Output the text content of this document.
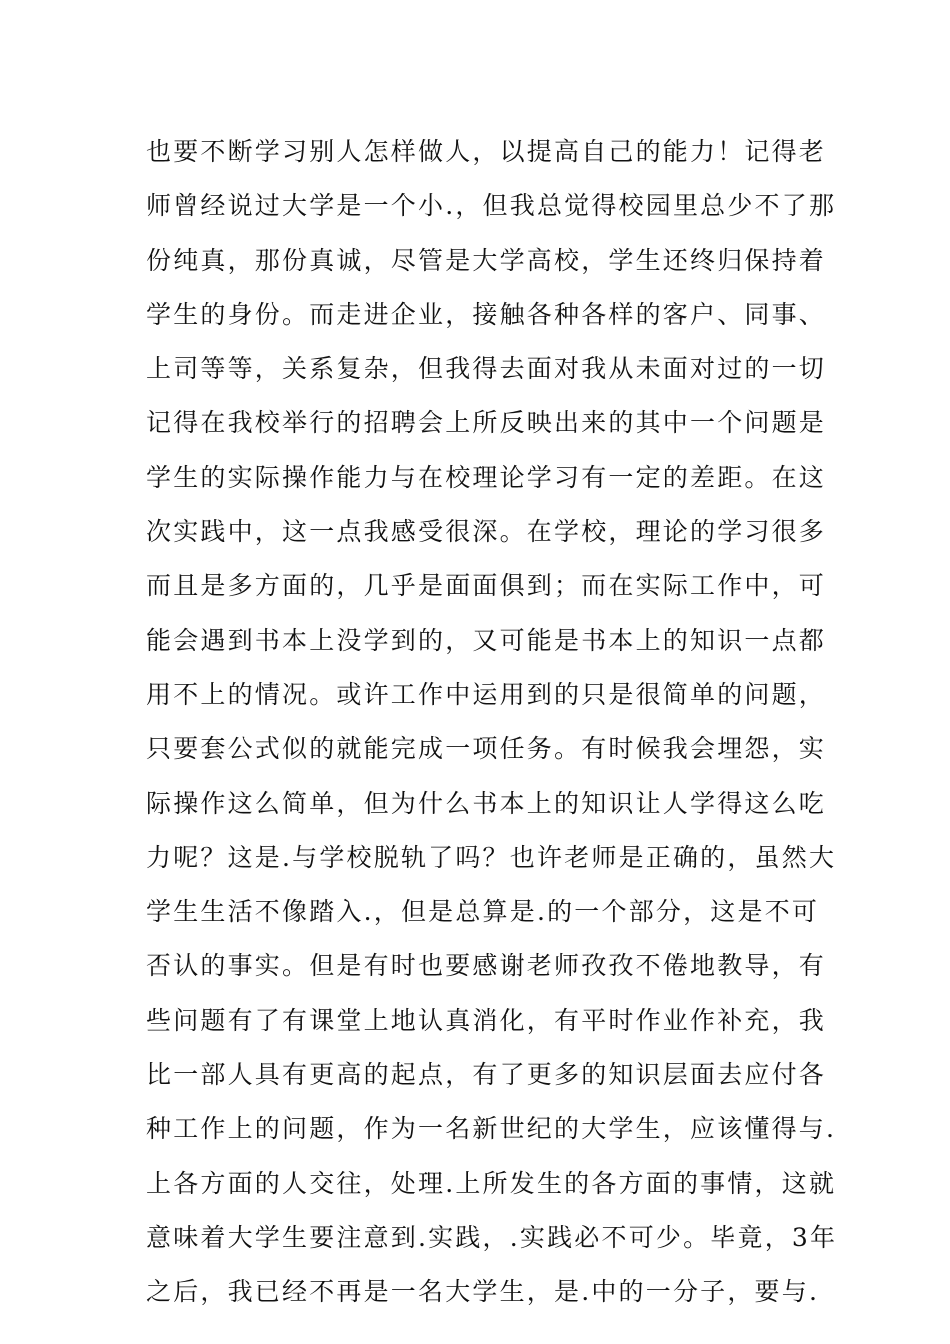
也要不断学习别人怎样做人，以提高自己的能力！记得老
师曾经说过大学是一个小.，但我总觉得校园里总少不了那
份纯真，那份真诚，尽管是大学高校，学生还终归保持着
学生的身份。而走进企业，接触各种各样的客户、同事、
上司等等，关系复杂，但我得去面对我从未面对过的一切
记得在我校举行的招聘会上所反映出来的其中一个问题是
学生的实际操作能力与在校理论学习有一定的差距。在这
次实践中，这一点我感受很深。在学校，理论的学习很多
而且是多方面的，几乎是面面俱到；而在实际工作中，可
能会遇到书本上没学到的，又可能是书本上的知识一点都
用不上的情况。或许工作中运用到的只是很简单的问题，
只要套公式似的就能完成一项任务。有时候我会埋怨，实
际操作这么简单，但为什么书本上的知识让人学得这么吃
力呢？这是.与学校脱轨了吗？也许老师是正确的，虽然大
学生生活不像踏入.，但是总算是.的一个部分，这是不可
否认的事实。但是有时也要感谢老师孜孜不倦地教导，有
些问题有了有课堂上地认真消化，有平时作业作补充，我
比一部人具有更高的起点，有了更多的知识层面去应付各
种工作上的问题，作为一名新世纪的大学生，应该懂得与.
上各方面的人交往，处理.上所发生的各方面的事情，这就
意味着大学生要注意到.实践，.实践必不可少。毕竟，3年
之后，我已经不再是一名大学生，是.中的一分子，要与.
